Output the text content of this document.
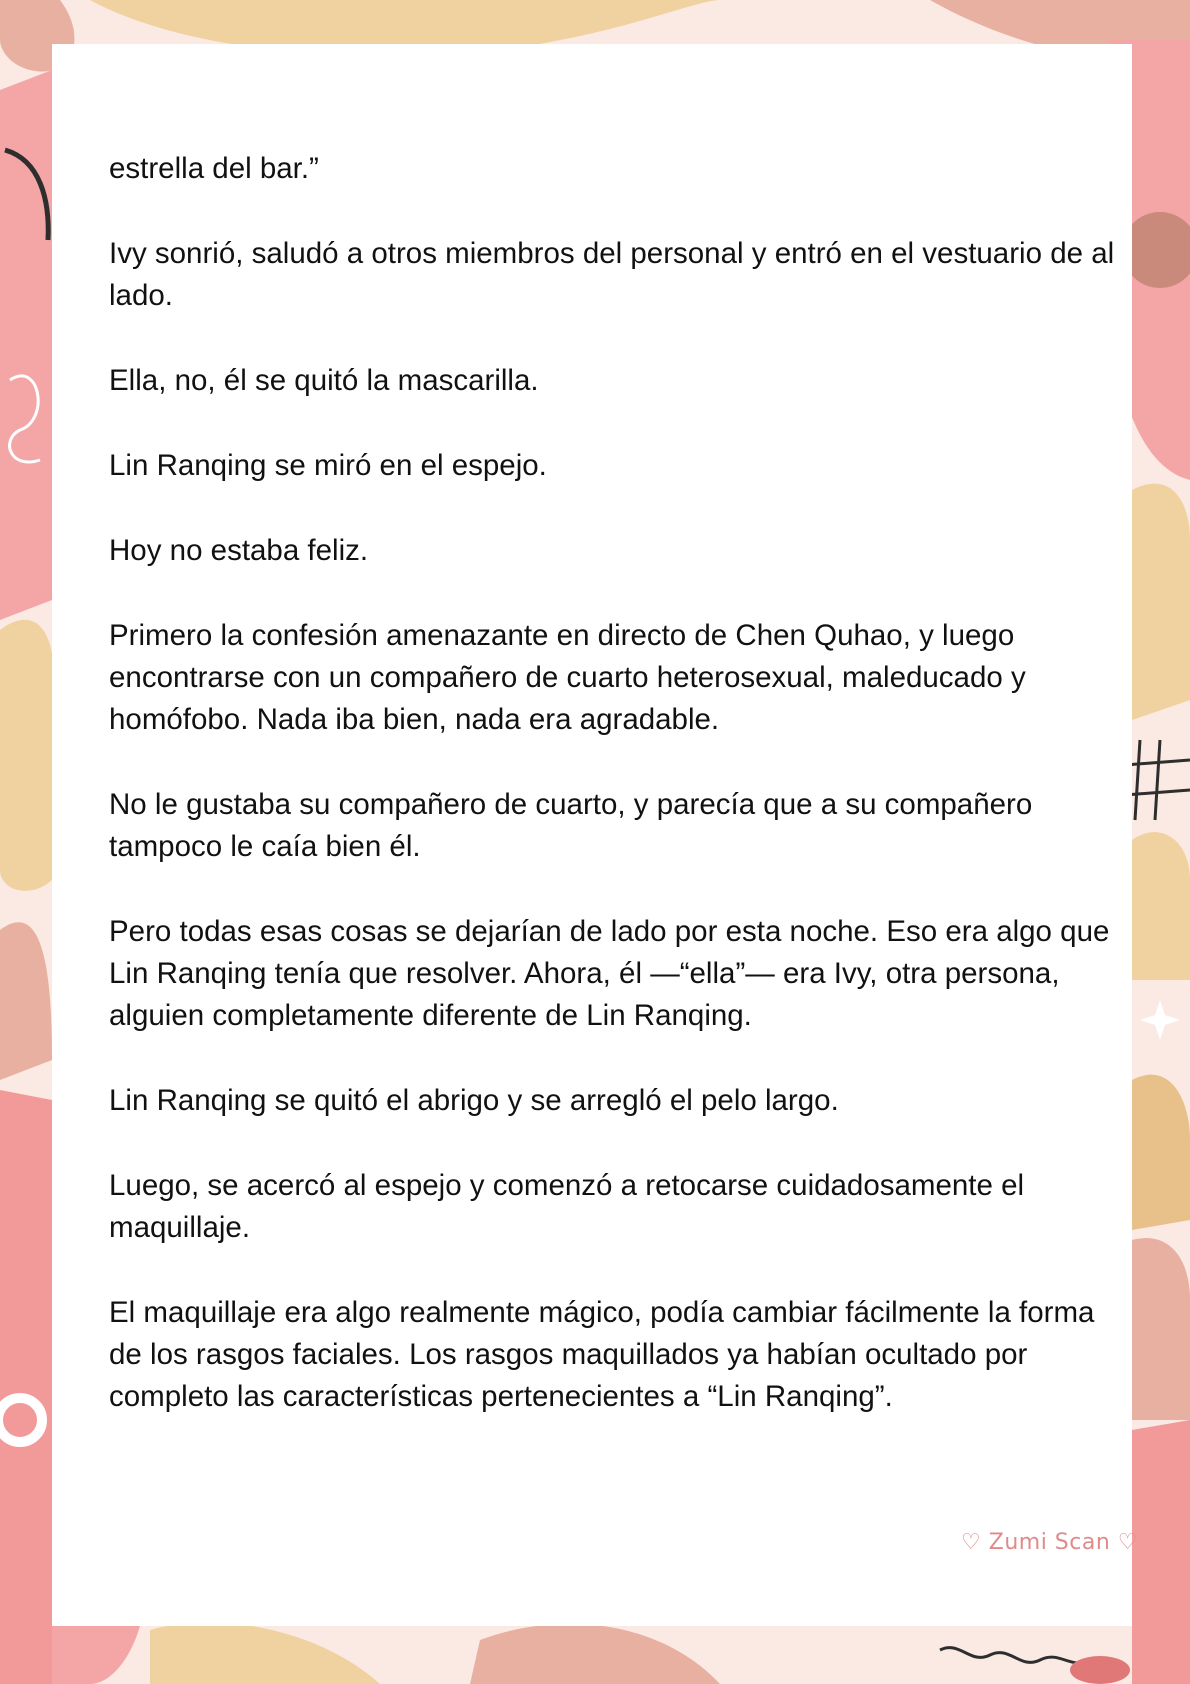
estrella del bar.”

Ivy sonrió, saludó a otros miembros del personal y entró en el vestuario de al lado.

Ella, no, él se quitó la mascarilla.

Lin Ranqing se miró en el espejo.

Hoy no estaba feliz.

Primero la confesión amenazante en directo de Chen Quhao, y luego encontrarse con un compañero de cuarto heterosexual, maleducado y homófobo. Nada iba bien, nada era agradable.

No le gustaba su compañero de cuarto, y parecía que a su compañero tampoco le caía bien él.

Pero todas esas cosas se dejarían de lado por esta noche. Eso era algo que Lin Ranqing tenía que resolver. Ahora, él —“ella”— era Ivy, otra persona, alguien completamente diferente de Lin Ranqing.

Lin Ranqing se quitó el abrigo y se arregló el pelo largo.

Luego, se acercó al espejo y comenzó a retocarse cuidadosamente el maquillaje.

El maquillaje era algo realmente mágico, podía cambiar fácilmente la forma de los rasgos faciales. Los rasgos maquillados ya habían ocultado por completo las características pertenecientes a “Lin Ranqing”.

♡ Zumi Scan ♡
